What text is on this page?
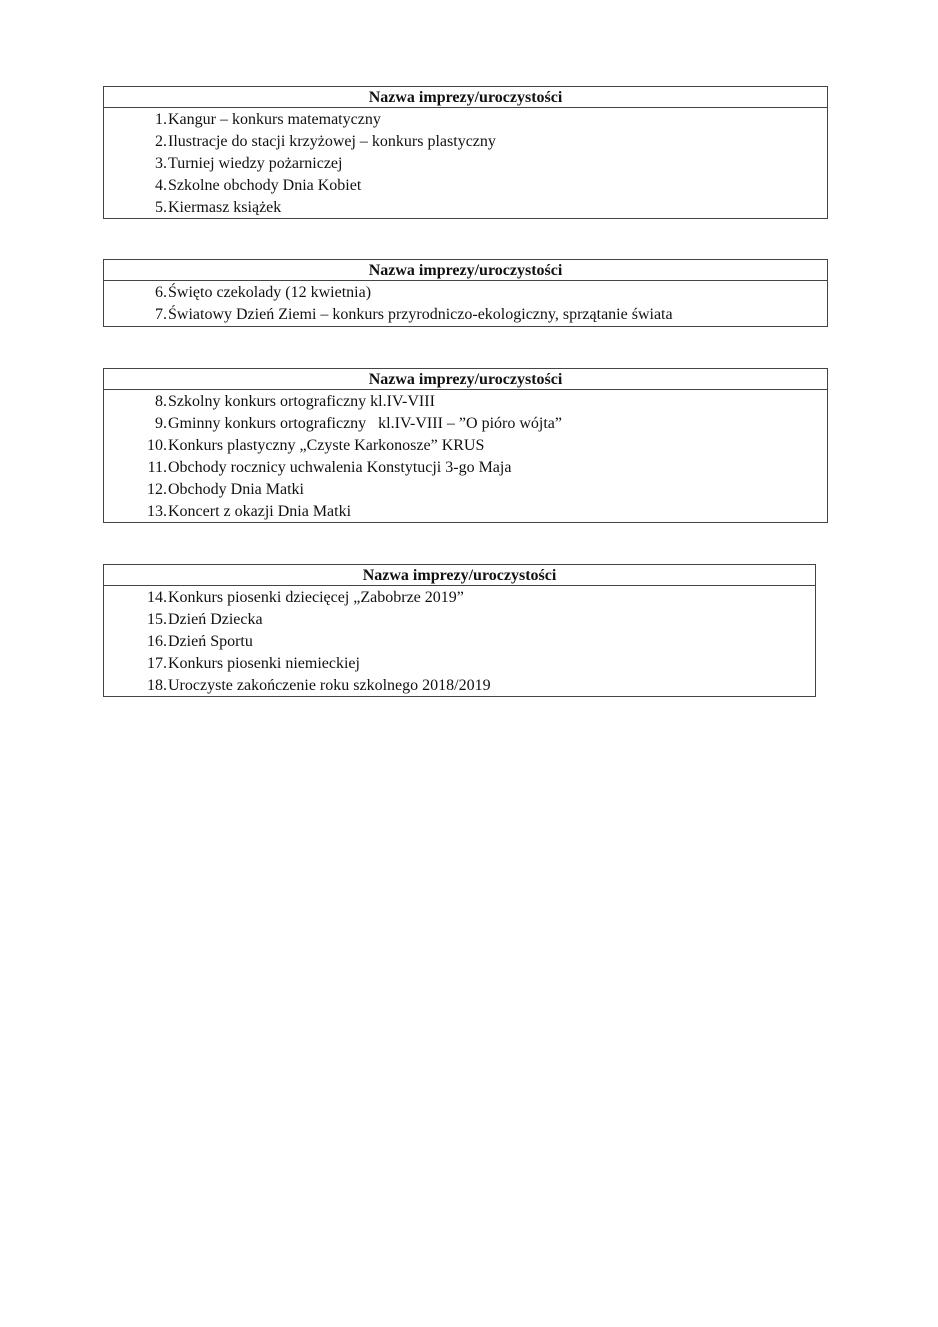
Nazwa imprezy/uroczystości
1. Kangur – konkurs matematyczny
2. Ilustracje do stacji krzyżowej – konkurs plastyczny
3. Turniej wiedzy pożarniczej
4. Szkolne obchody Dnia Kobiet
5. Kiermasz książek
Nazwa imprezy/uroczystości
6. Święto czekolady (12 kwietnia)
7. Światowy Dzień Ziemi – konkurs przyrodniczo-ekologiczny, sprzątanie świata
Nazwa imprezy/uroczystości
8. Szkolny konkurs ortograficzny kl.IV-VIII
9. Gminny konkurs ortograficzny   kl.IV-VIII – ”O pióro wójta”
10. Konkurs plastyczny „Czyste Karkonosze” KRUS
11. Obchody rocznicy uchwalenia Konstytucji 3-go Maja
12. Obchody Dnia Matki
13. Koncert z okazji Dnia Matki
Nazwa imprezy/uroczystości
14. Konkurs piosenki dziecięcej „Zabobrze 2019”
15. Dzień Dziecka
16. Dzień Sportu
17. Konkurs piosenki niemieckiej
18. Uroczyste zakończenie roku szkolnego 2018/2019
